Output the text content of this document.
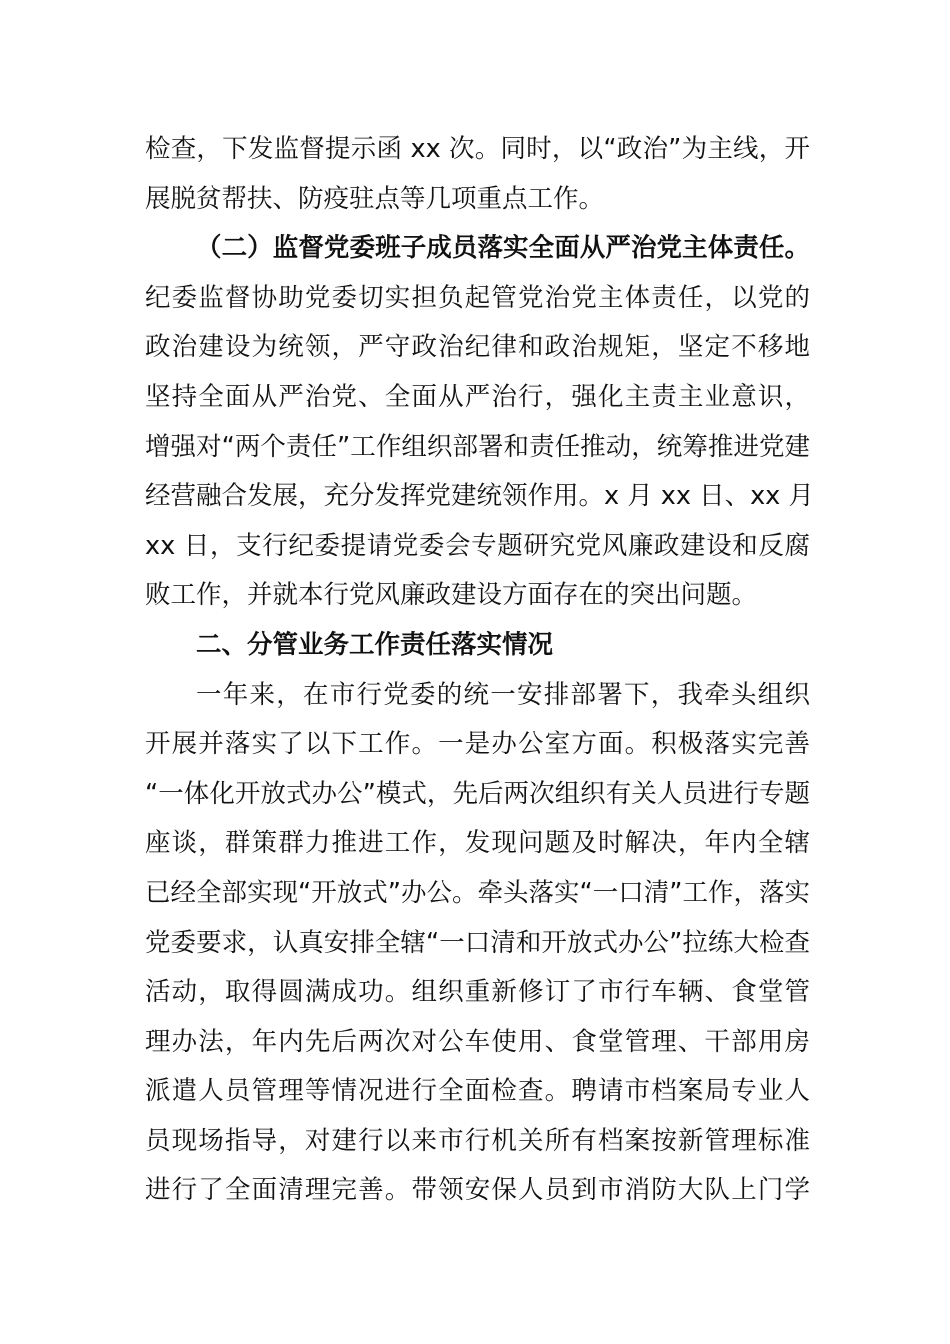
检查，下发监督提示函 xx 次。同时，以“政治”为主线，开
展脱贫帮扶、防疫驻点等几项重点工作。
（二）监督党委班子成员落实全面从严治党主体责任。
纪委监督协助党委切实担负起管党治党主体责任，以党的
政治建设为统领，严守政治纪律和政治规矩，坚定不移地
坚持全面从严治党、全面从严治行，强化主责主业意识，
增强对“两个责任”工作组织部署和责任推动，统筹推进党建
经营融合发展，充分发挥党建统领作用。x 月 xx 日、xx 月
xx 日，支行纪委提请党委会专题研究党风廉政建设和反腐
败工作，并就本行党风廉政建设方面存在的突出问题。
二、分管业务工作责任落实情况
一年来，在市行党委的统一安排部署下，我牵头组织
开展并落实了以下工作。一是办公室方面。积极落实完善
“一体化开放式办公”模式，先后两次组织有关人员进行专题
座谈，群策群力推进工作，发现问题及时解决，年内全辖
已经全部实现“开放式”办公。牵头落实“一口清”工作，落实
党委要求，认真安排全辖“一口清和开放式办公”拉练大检查
活动，取得圆满成功。组织重新修订了市行车辆、食堂管
理办法，年内先后两次对公车使用、食堂管理、干部用房
派遣人员管理等情况进行全面检查。聘请市档案局专业人
员现场指导，对建行以来市行机关所有档案按新管理标准
进行了全面清理完善。带领安保人员到市消防大队上门学
